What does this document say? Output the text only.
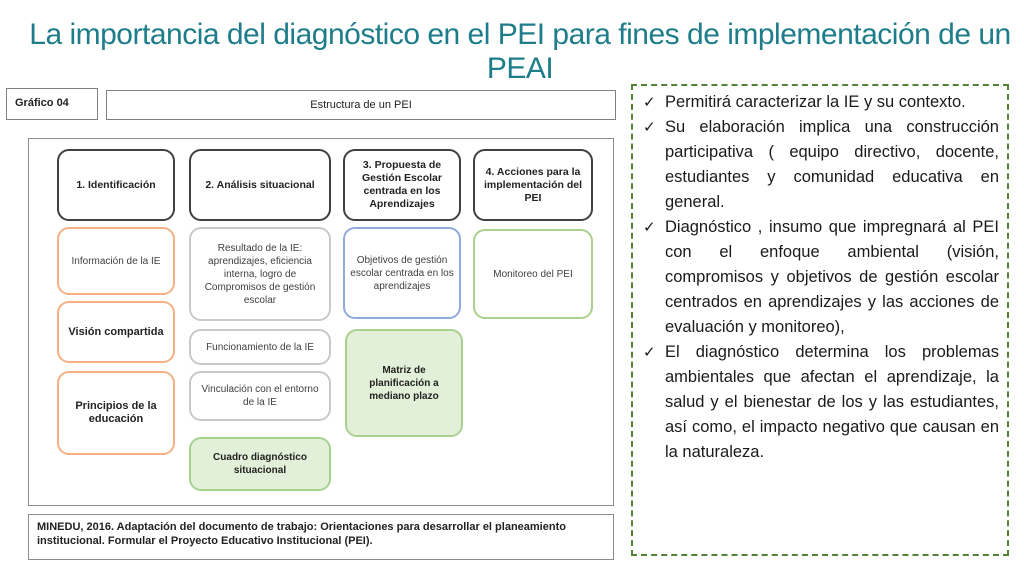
La importancia del diagnóstico en el PEI para fines de implementación de un PEAI
Gráfico 04	Estructura de un PEI
1. Identificación
Información de la IE
Visión compartida
Principios de la educación
2. Análisis situacional
Resultado de la IE: aprendizajes, eficiencia interna, logro de Compromisos de gestión escolar
Funcionamiento de la IE
Vinculación con el entorno de la IE
Cuadro diagnóstico situacional
3. Propuesta de Gestión Escolar centrada en los Aprendizajes
Objetivos de gestión escolar centrada en los aprendizajes
Matriz de planificación a mediano plazo
4. Acciones para la implementación del PEI
Monitoreo del PEI
MINEDU, 2016. Adaptación del documento de trabajo: Orientaciones para desarrollar el planeamiento institucional. Formular el Proyecto Educativo Institucional (PEI).
✓ Permitirá caracterizar la IE y su contexto.
✓ Su elaboración implica una construcción participativa ( equipo directivo, docente, estudiantes y comunidad educativa en general.
✓ Diagnóstico , insumo que impregnará al PEI con el enfoque ambiental (visión, compromisos y objetivos de gestión escolar centrados en aprendizajes y las acciones de evaluación y monitoreo),
✓ El diagnóstico determina los problemas ambientales que afectan el aprendizaje, la salud y el bienestar de los y las estudiantes, así como, el impacto negativo que causan en la naturaleza.
